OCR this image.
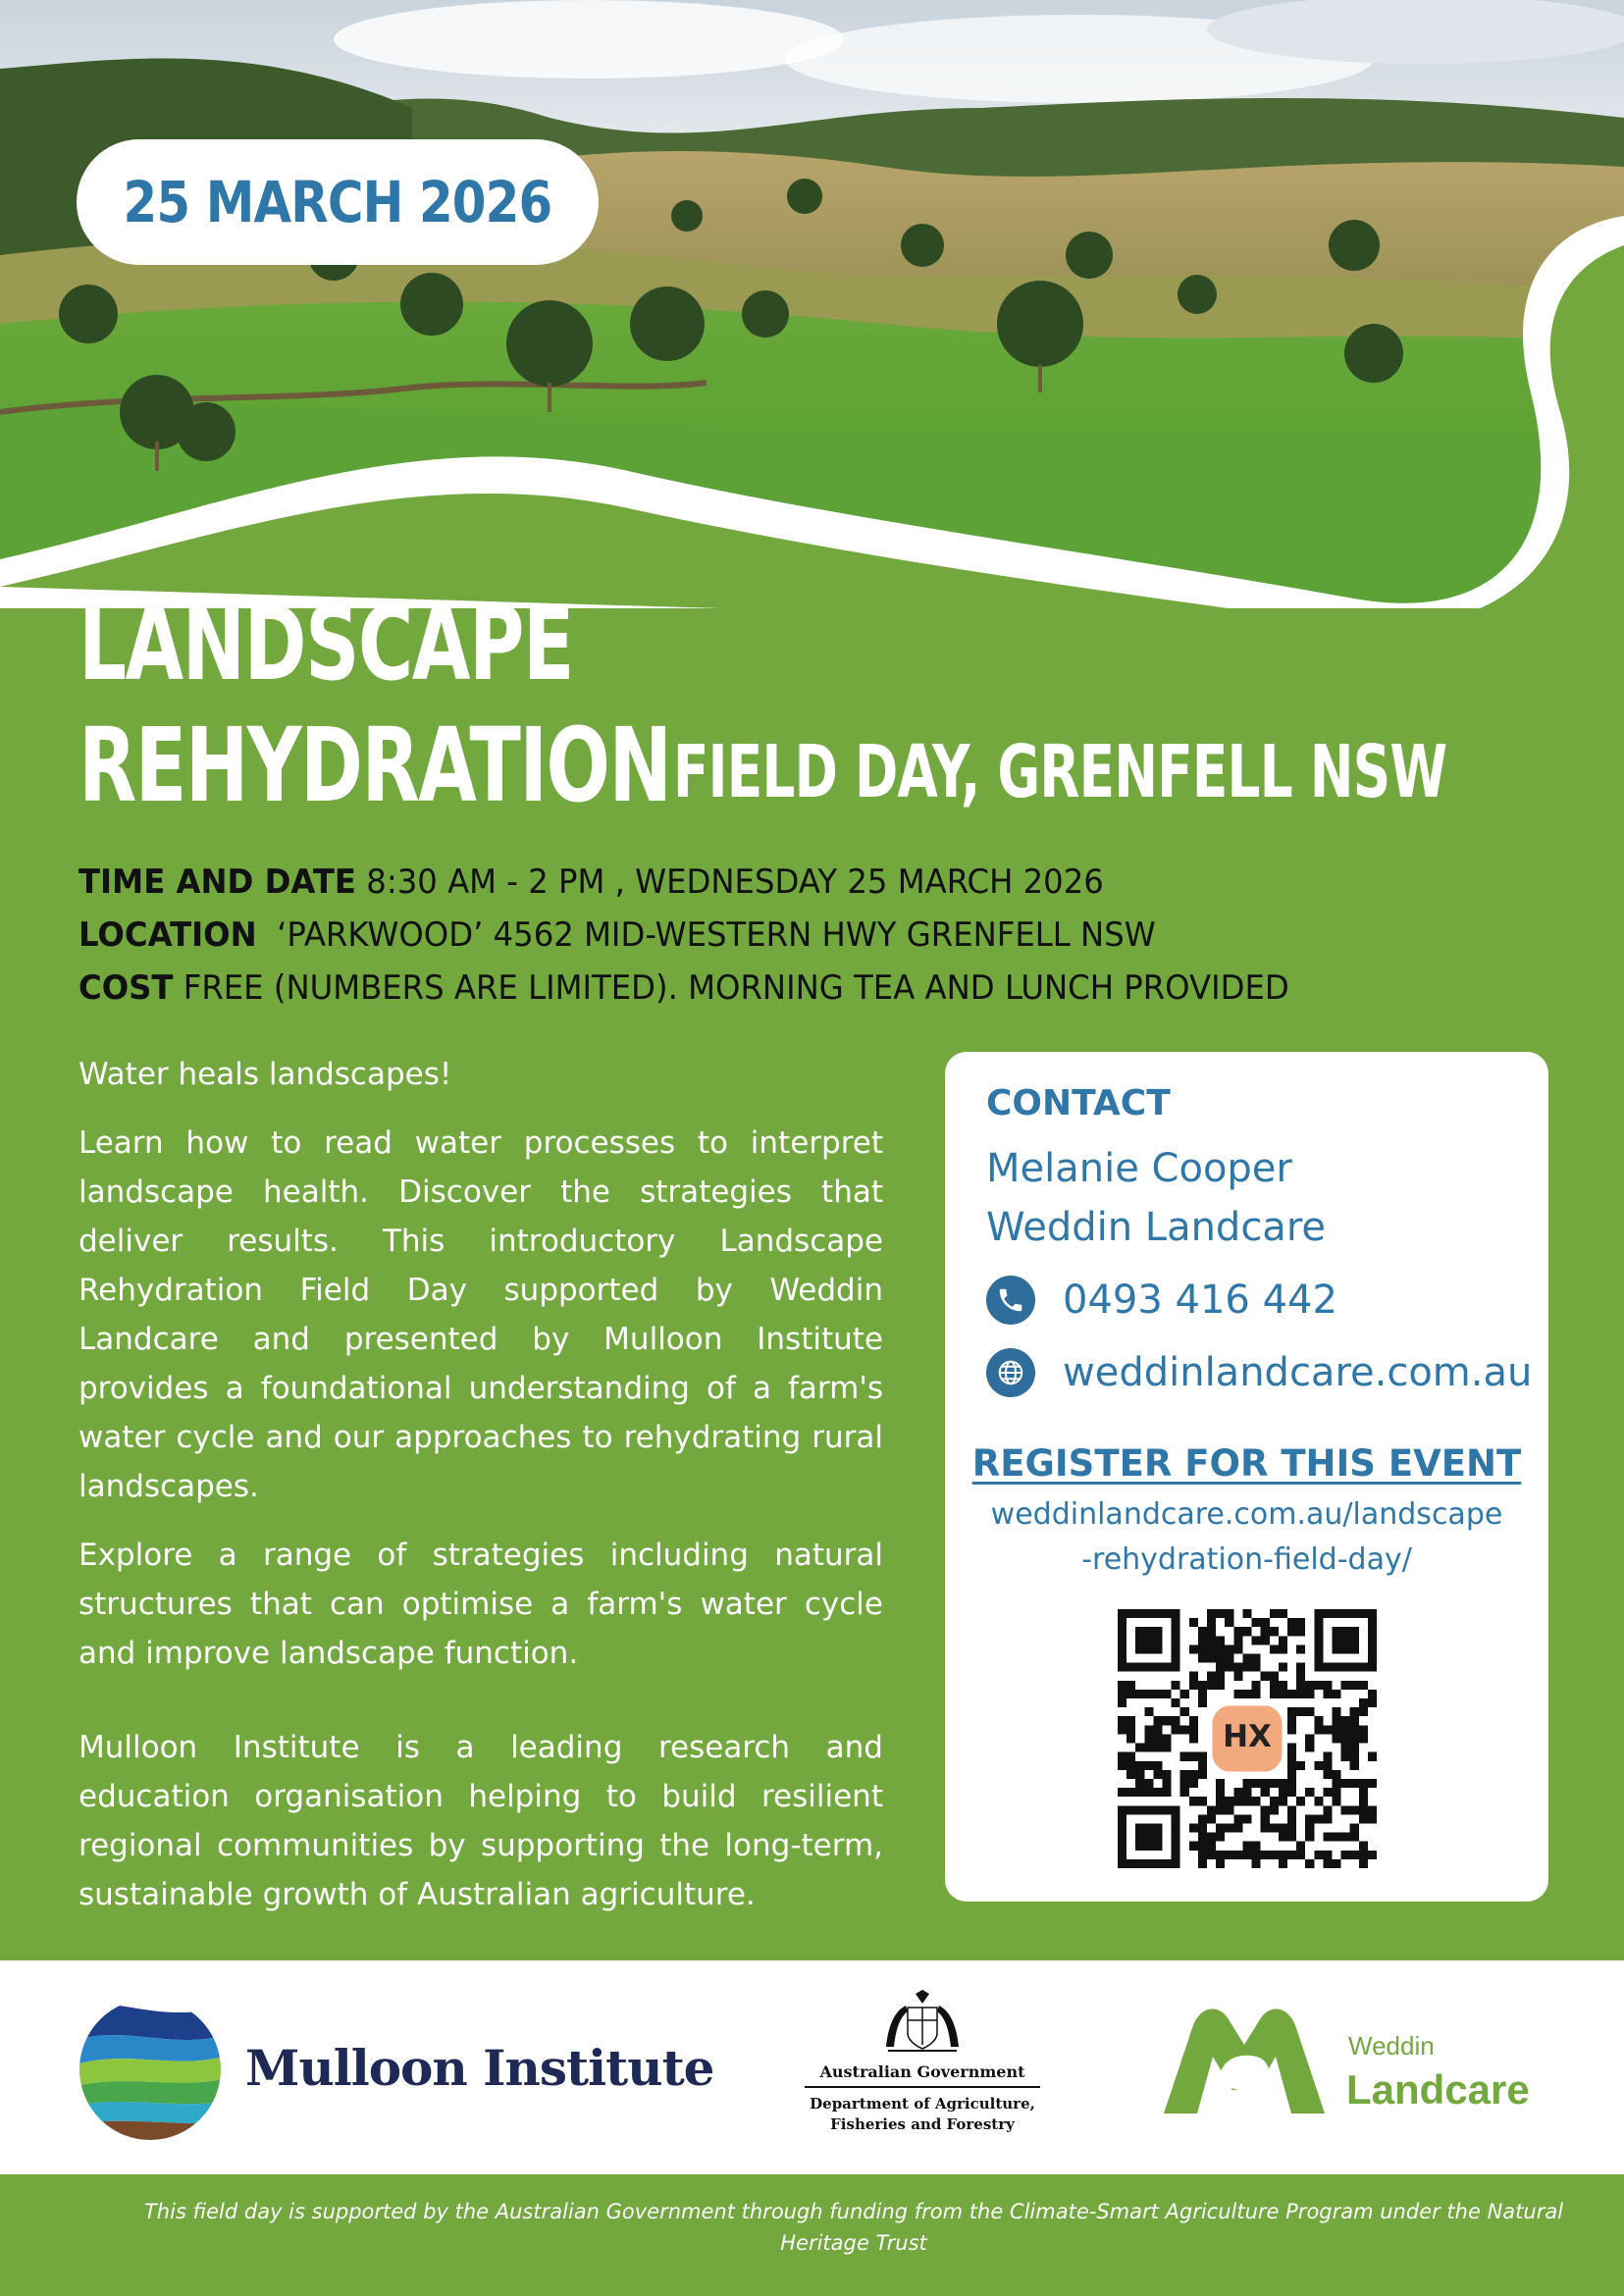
25 MARCH 2026
LANDSCAPE
REHYDRATION FIELD DAY, GRENFELL NSW
TIME AND DATE 8:30 AM - 2 PM , WEDNESDAY 25 MARCH 2026
LOCATION  ‘PARKWOOD’ 4562 MID-WESTERN HWY GRENFELL NSW
COST FREE (NUMBERS ARE LIMITED). MORNING TEA AND LUNCH PROVIDED

Water heals landscapes!

Learn how to read water processes to interpret landscape health. Discover the strategies that deliver results. This introductory Landscape Rehydration Field Day supported by Weddin Landcare and presented by Mulloon Institute provides a foundational understanding of a farm's water cycle and our approaches to rehydrating rural landscapes.

Explore a range of strategies including natural structures that can optimise a farm's water cycle and improve landscape function.

Mulloon Institute is a leading research and education organisation helping to build resilient regional communities by supporting the long-term, sustainable growth of Australian agriculture.

CONTACT
Melanie Cooper
Weddin Landcare
0493 416 442
weddinlandcare.com.au
REGISTER FOR THIS EVENT
weddinlandcare.com.au/landscape
-rehydration-field-day/
HX
Mulloon Institute	Australian Government
Department of Agriculture,
Fisheries and Forestry
Weddin
Landcare
This field day is supported by the Australian Government through funding from the Climate-Smart Agriculture Program under the Natural Heritage Trust
